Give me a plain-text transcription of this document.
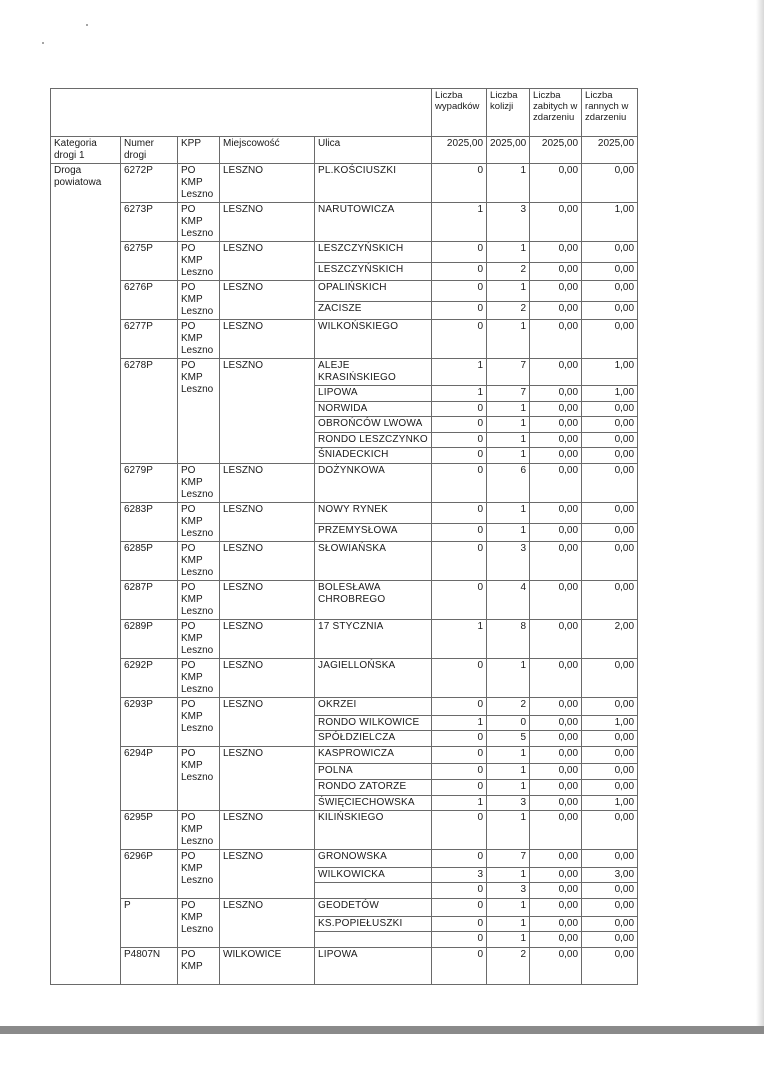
					Liczba wypadków	Liczba kolizji	Liczba zabitych w zdarzeniu	Liczba rannych w zdarzeniu
Kategoria drogi 1	Numer drogi	KPP	Miejscowość	Ulica	2025,00	2025,00	2025,00	2025,00
Droga powiatowa	6272P	PO KMP Leszno	LESZNO	PL.KOŚCIUSZKI	0	1	0,00	0,00
	6273P	PO KMP Leszno	LESZNO	NARUTOWICZA	1	3	0,00	1,00
	6275P	PO KMP Leszno	LESZNO	LESZCZYŃSKICH	0	1	0,00	0,00
				LESZCZYŃSKICH	0	2	0,00	0,00
	6276P	PO KMP Leszno	LESZNO	OPALIŃSKICH	0	1	0,00	0,00
				ZACISZE	0	2	0,00	0,00
	6277P	PO KMP Leszno	LESZNO	WILKOŃSKIEGO	0	1	0,00	0,00
	6278P	PO KMP Leszno	LESZNO	ALEJE KRASIŃSKIEGO	1	7	0,00	1,00
				LIPOWA	1	7	0,00	1,00
				NORWIDA	0	1	0,00	0,00
				OBROŃCÓW LWOWA	0	1	0,00	0,00
				RONDO LESZCZYNKO	0	1	0,00	0,00
				ŚNIADECKICH	0	1	0,00	0,00
	6279P	PO KMP Leszno	LESZNO	DOŻYNKOWA	0	6	0,00	0,00
	6283P	PO KMP Leszno	LESZNO	NOWY RYNEK	0	1	0,00	0,00
				PRZEMYSŁOWA	0	1	0,00	0,00
	6285P	PO KMP Leszno	LESZNO	SŁOWIAŃSKA	0	3	0,00	0,00
	6287P	PO KMP Leszno	LESZNO	BOLESŁAWA CHROBREGO	0	4	0,00	0,00
	6289P	PO KMP Leszno	LESZNO	17 STYCZNIA	1	8	0,00	2,00
	6292P	PO KMP Leszno	LESZNO	JAGIELLOŃSKA	0	1	0,00	0,00
	6293P	PO KMP Leszno	LESZNO	OKRZEI	0	2	0,00	0,00
				RONDO WILKOWICE	1	0	0,00	1,00
				SPÓŁDZIELCZA	0	5	0,00	0,00
	6294P	PO KMP Leszno	LESZNO	KASPROWICZA	0	1	0,00	0,00
				POLNA	0	1	0,00	0,00
				RONDO ZATORZE	0	1	0,00	0,00
				ŚWIĘCIECHOWSKA	1	3	0,00	1,00
	6295P	PO KMP Leszno	LESZNO	KILIŃSKIEGO	0	1	0,00	0,00
	6296P	PO KMP Leszno	LESZNO	GRONOWSKA	0	7	0,00	0,00
				WILKOWICKA	3	1	0,00	3,00
					0	3	0,00	0,00
	P	PO KMP Leszno	LESZNO	GEODETÓW	0	1	0,00	0,00
				KS.POPIEŁUSZKI	0	1	0,00	0,00
					0	1	0,00	0,00
	P4807N	PO KMP	WILKOWICE	LIPOWA	0	2	0,00	0,00
